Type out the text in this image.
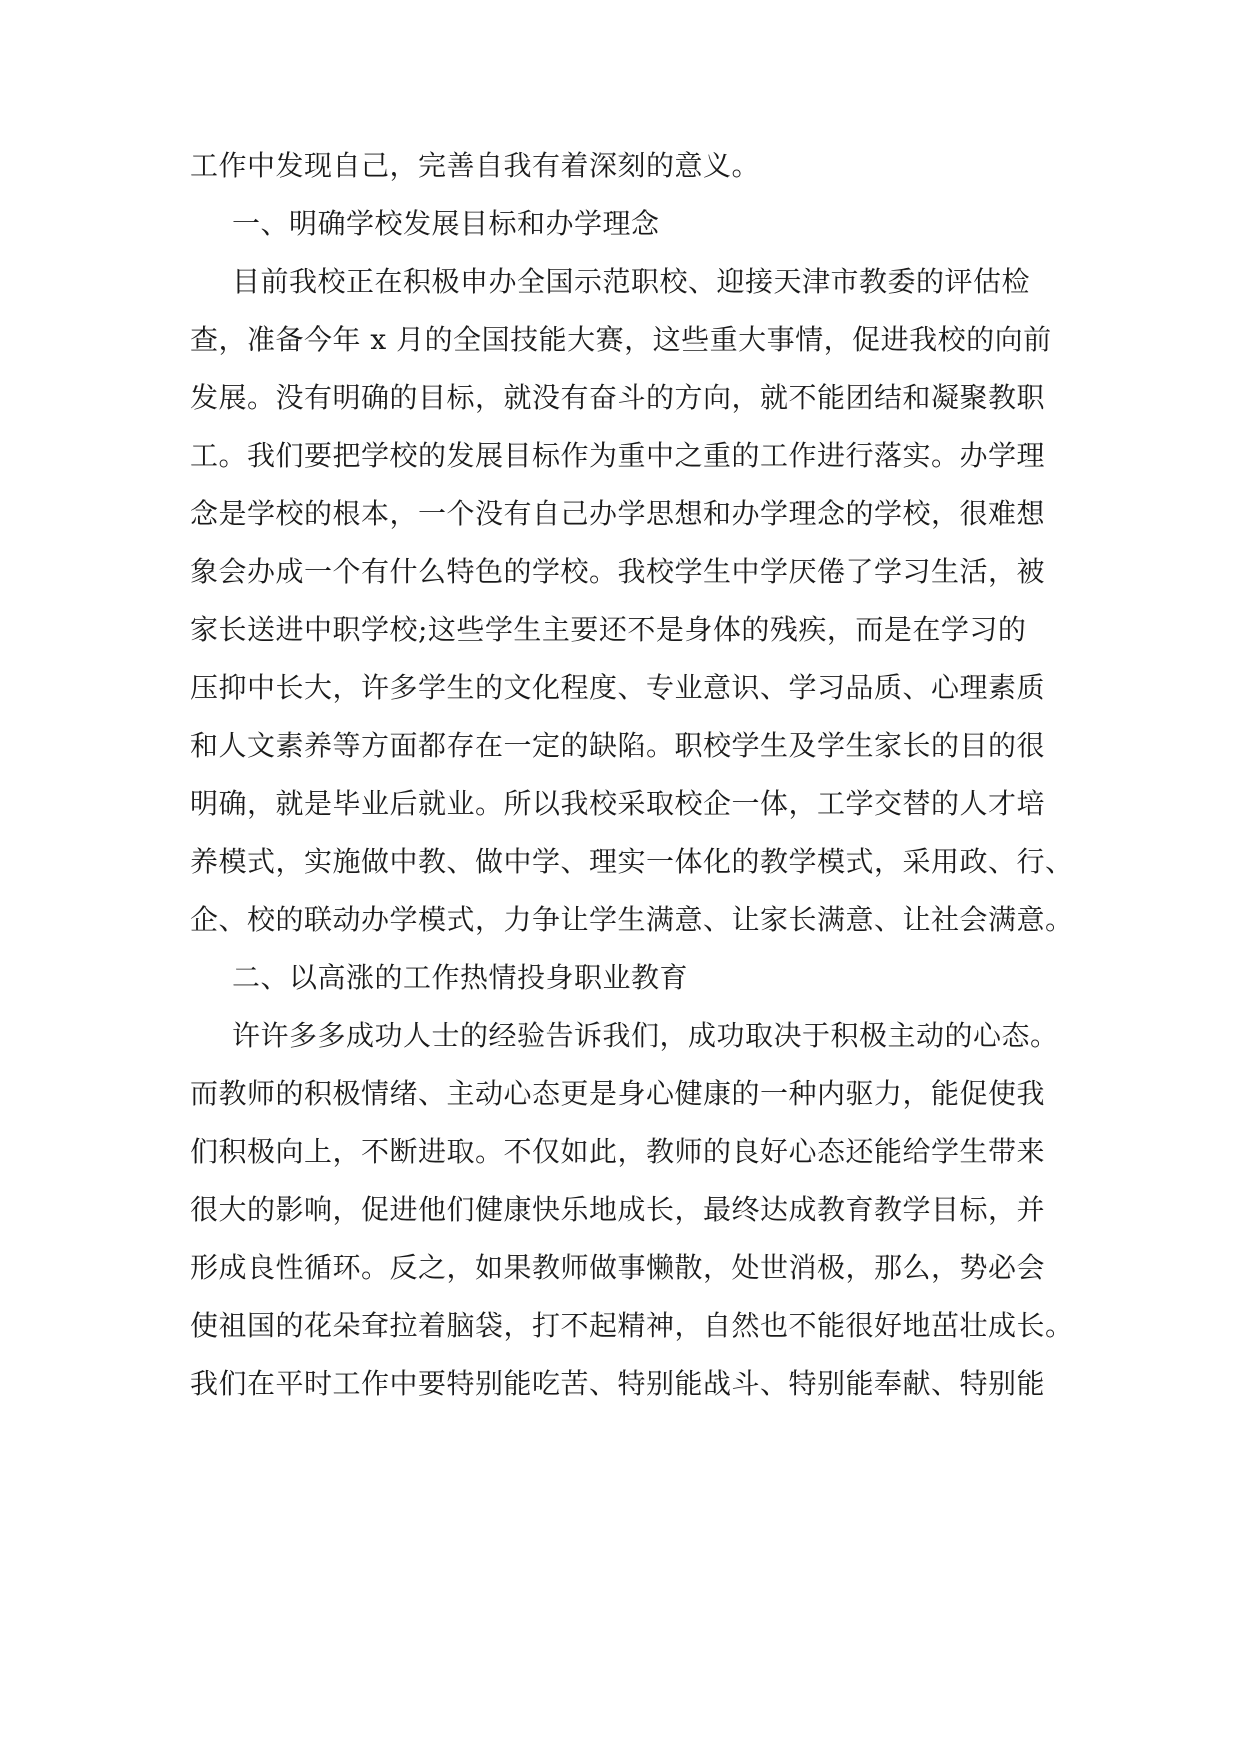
工作中发现自己，完善自我有着深刻的意义。
一、明确学校发展目标和办学理念
目前我校正在积极申办全国示范职校、迎接天津市教委的评估检
查，准备今年 x 月的全国技能大赛，这些重大事情，促进我校的向前
发展。没有明确的目标，就没有奋斗的方向，就不能团结和凝聚教职
工。我们要把学校的发展目标作为重中之重的工作进行落实。办学理
念是学校的根本，一个没有自己办学思想和办学理念的学校，很难想
象会办成一个有什么特色的学校。我校学生中学厌倦了学习生活，被
家长送进中职学校;这些学生主要还不是身体的残疾，而是在学习的
压抑中长大，许多学生的文化程度、专业意识、学习品质、心理素质
和人文素养等方面都存在一定的缺陷。职校学生及学生家长的目的很
明确，就是毕业后就业。所以我校采取校企一体，工学交替的人才培
养模式，实施做中教、做中学、理实一体化的教学模式，采用政、行、
企、校的联动办学模式，力争让学生满意、让家长满意、让社会满意。
二、以高涨的工作热情投身职业教育
许许多多成功人士的经验告诉我们，成功取决于积极主动的心态。
而教师的积极情绪、主动心态更是身心健康的一种内驱力，能促使我
们积极向上，不断进取。不仅如此，教师的良好心态还能给学生带来
很大的影响，促进他们健康快乐地成长，最终达成教育教学目标，并
形成良性循环。反之，如果教师做事懒散，处世消极，那么，势必会
使祖国的花朵耷拉着脑袋，打不起精神，自然也不能很好地茁壮成长。
我们在平时工作中要特别能吃苦、特别能战斗、特别能奉献、特别能
